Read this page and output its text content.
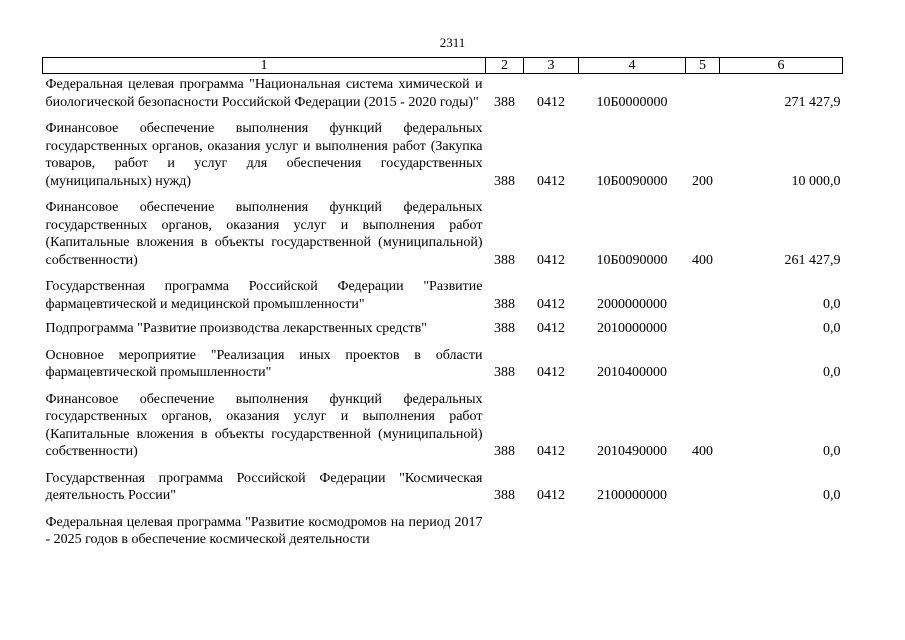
2311
1	2	3	4	5	6
Федеральная целевая программа "Национальная система химической и биологической безопасности Российской Федерации (2015 - 2020 годы)"	388	0412	10Б0000000		271 427,9
Финансовое обеспечение выполнения функций федеральных государственных органов, оказания услуг и выполнения работ (Закупка товаров, работ и услуг для обеспечения государственных (муниципальных) нужд)	388	0412	10Б0090000	200	10 000,0
Финансовое обеспечение выполнения функций федеральных государственных органов, оказания услуг и выполнения работ (Капитальные вложения в объекты государственной (муниципальной) собственности)	388	0412	10Б0090000	400	261 427,9
Государственная программа Российской Федерации "Развитие фармацевтической и медицинской промышленности"	388	0412	2000000000		0,0
Подпрограмма "Развитие производства лекарственных средств"	388	0412	2010000000		0,0
Основное мероприятие "Реализация иных проектов в области фармацевтической промышленности"	388	0412	2010400000		0,0
Финансовое обеспечение выполнения функций федеральных государственных органов, оказания услуг и выполнения работ (Капитальные вложения в объекты государственной (муниципальной) собственности)	388	0412	2010490000	400	0,0
Государственная программа Российской Федерации "Космическая деятельность России"	388	0412	2100000000		0,0
Федеральная целевая программа "Развитие космодромов на период 2017 - 2025 годов в обеспечение космической деятельности					
